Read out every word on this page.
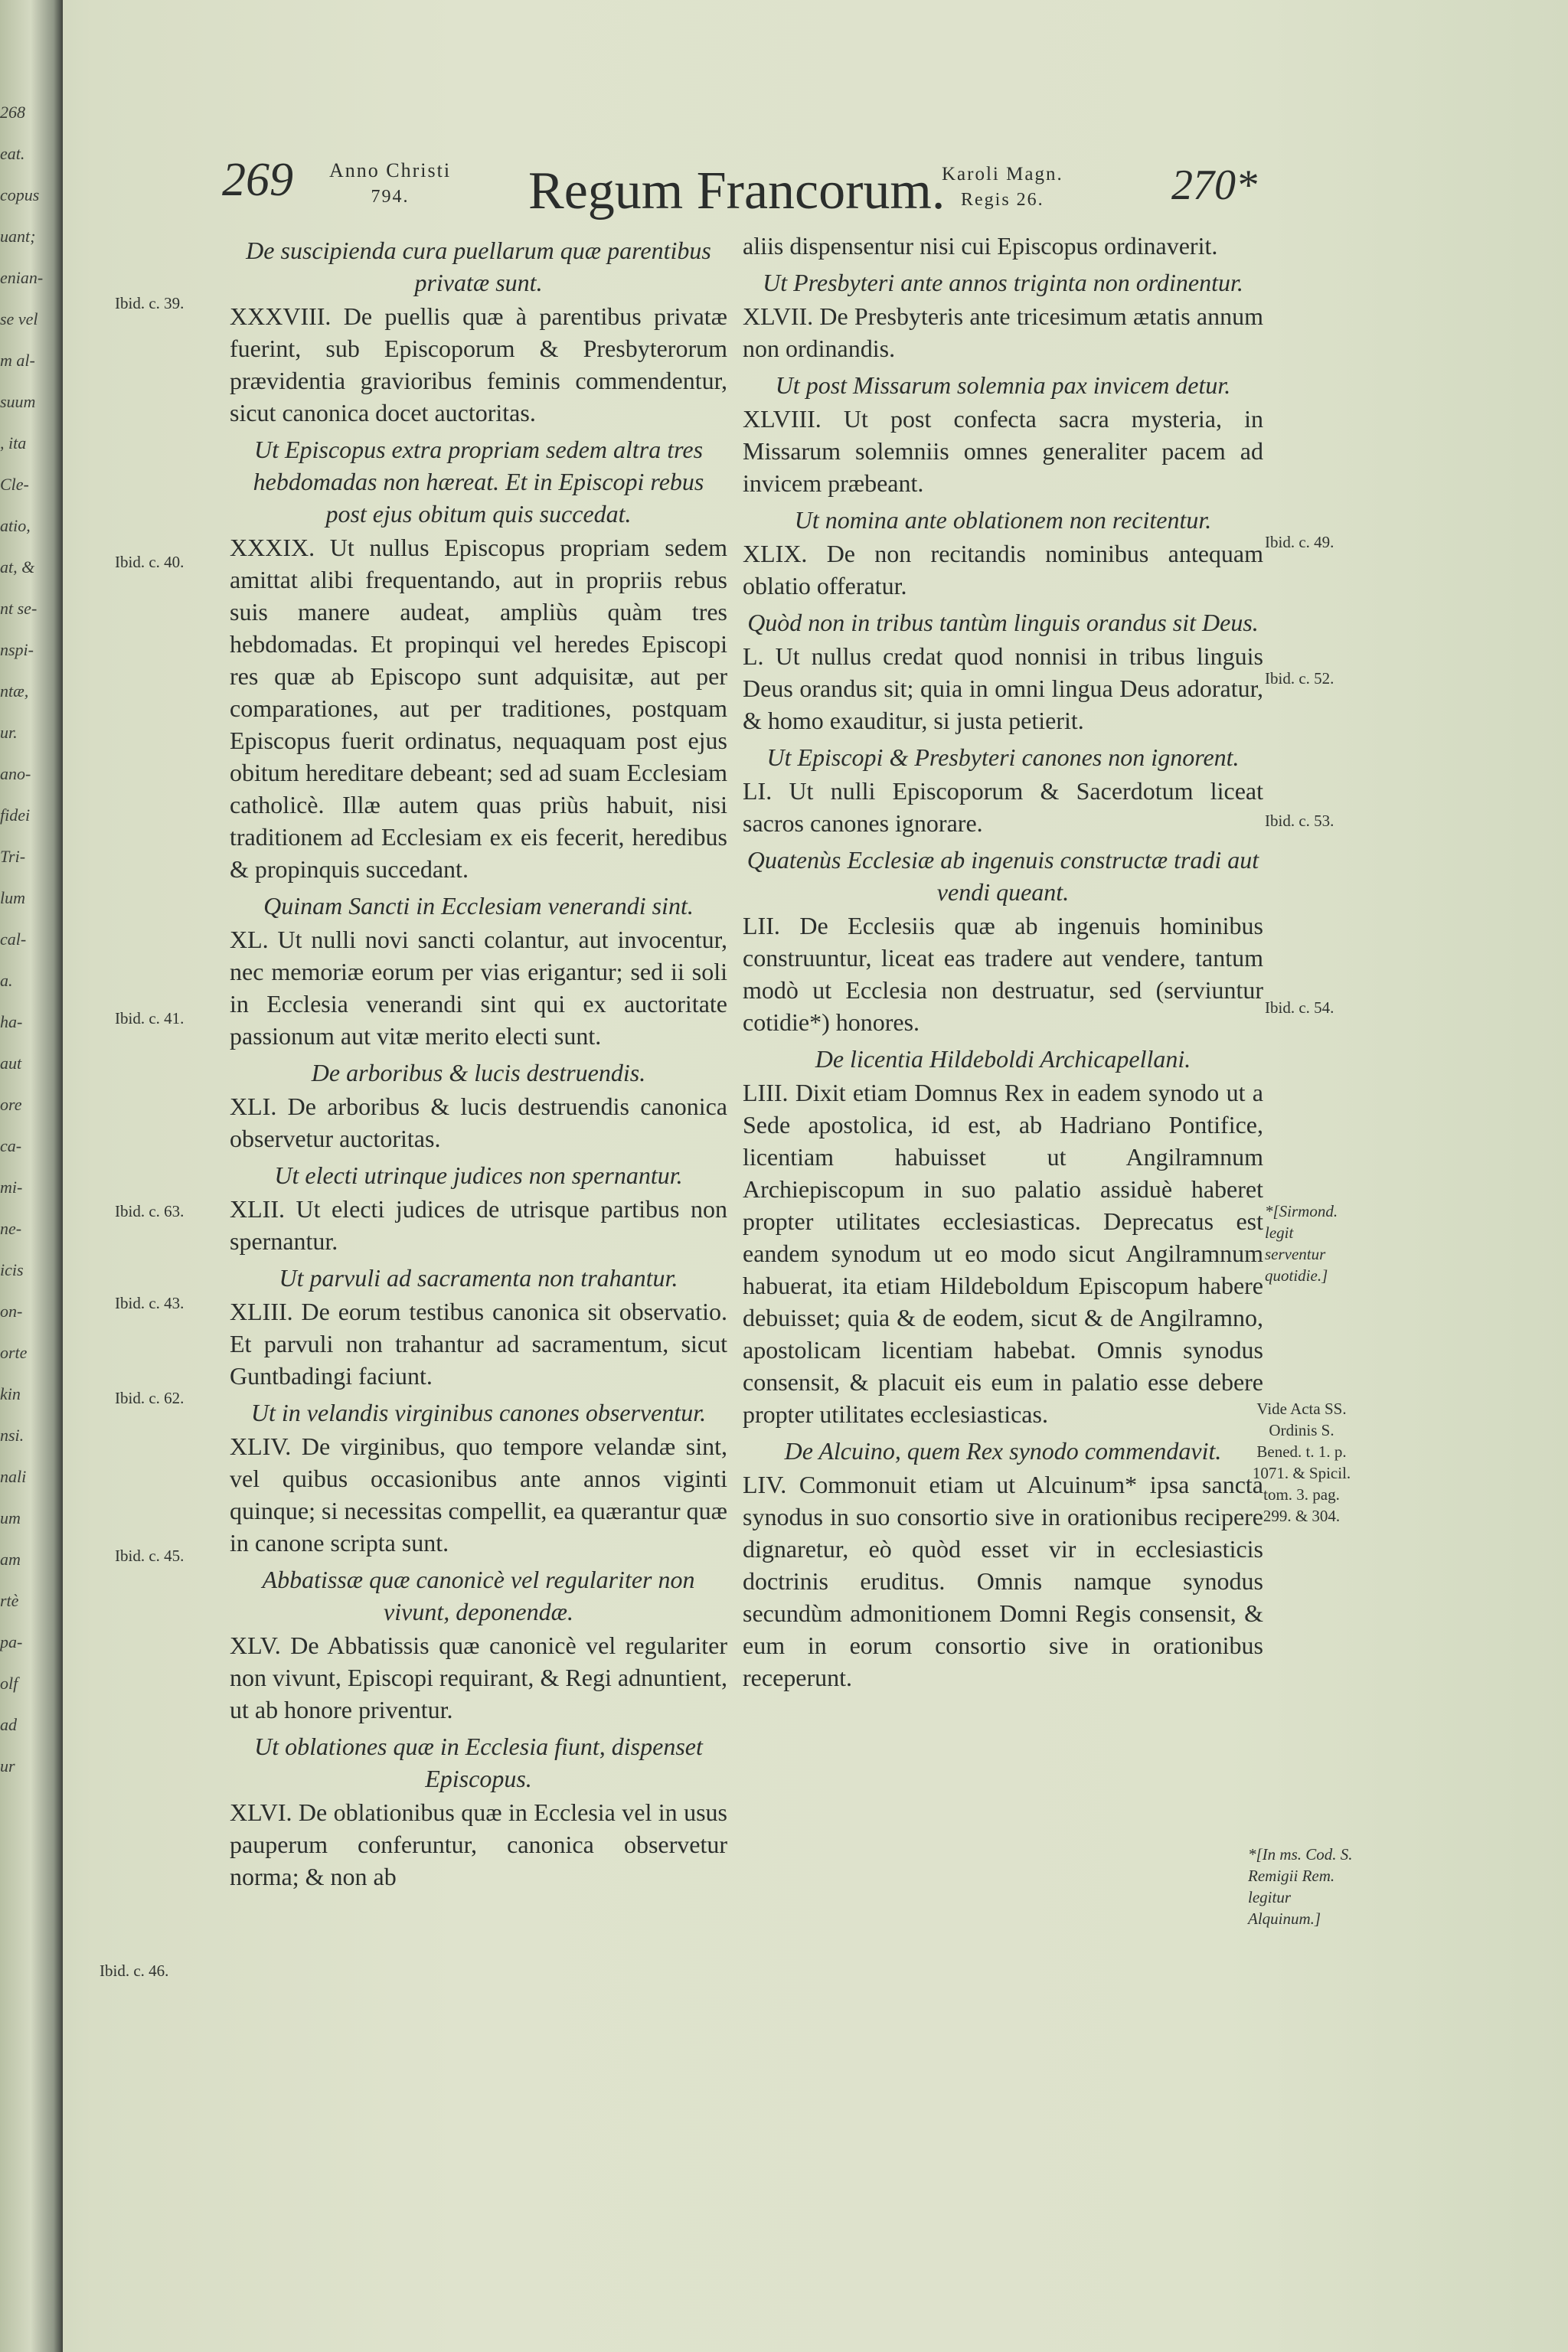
268
eat.
copus
uant;
enian-
se vel
m al-
suum
, ita
Cle-
atio,
at, &
nt se-
nspi-
ntæ,
ur.
ano-
fidei
Tri-
lum
cal-
a.
ha-
aut
ore
ca-
mi-
ne-
icis
on-
orte
kin
nsi.
nali
um
am
rtè
pa-
olf
ad
ur
269 Anno Christi
794.	Regum Francorum.
Karoli Magn.
Regis 26.	270*

De suscipienda cura puellarum quæ parentibus privatæ sunt.

XXXVIII. De puellis quæ à parentibus privatæ fuerint, sub Episcoporum & Presbyterorum prævidentia gravioribus feminis commendentur, sicut canonica docet auctoritas.

Ut Episcopus extra propriam sedem altra tres hebdomadas non hæreat. Et in Episcopi rebus post ejus obitum quis succedat.

XXXIX. Ut nullus Episcopus propriam sedem amittat alibi frequentando, aut in propriis rebus suis manere audeat, ampliùs quàm tres hebdomadas. Et propinqui vel heredes Episcopi res quæ ab Episcopo sunt adquisitæ, aut per comparationes, aut per traditiones, postquam Episcopus fuerit ordinatus, nequaquam post ejus obitum hereditare debeant; sed ad suam Ecclesiam catholicè. Illæ autem quas priùs habuit, nisi traditionem ad Ecclesiam ex eis fecerit, heredibus & propinquis succedant.

Quinam Sancti in Ecclesiam venerandi sint.

XL. Ut nulli novi sancti colantur, aut invocentur, nec memoriæ eorum per vias erigantur; sed ii soli in Ecclesia venerandi sint qui ex auctoritate passionum aut vitæ merito electi sunt.

De arboribus & lucis destruendis.

XLI. De arboribus & lucis destruendis canonica observetur auctoritas.

Ut electi utrinque judices non spernantur.

XLII. Ut electi judices de utrisque partibus non spernantur.

Ut parvuli ad sacramenta non trahantur.

XLIII. De eorum testibus canonica sit observatio. Et parvuli non trahantur ad sacramentum, sicut Guntbadingi faciunt.

Ut in velandis virginibus canones observentur.

XLIV. De virginibus, quo tempore velandæ sint, vel quibus occasionibus ante annos viginti quinque; si necessitas compellit, ea quærantur quæ in canone scripta sunt.

Abbatissæ quæ canonicè vel regulariter non vivunt, deponendæ.

XLV. De Abbatissis quæ canonicè vel regulariter non vivunt, Episcopi requirant, & Regi adnuntient, ut ab honore priventur.

Ut oblationes quæ in Ecclesia fiunt, dispenset Episcopus.

XLVI. De oblationibus quæ in Ecclesia vel in usus pauperum conferuntur, canonica observetur norma; & non ab

aliis dispensentur nisi cui Episcopus ordinaverit.

Ut Presbyteri ante annos triginta non ordinentur.

XLVII. De Presbyteris ante tricesimum ætatis annum non ordinandis.

Ut post Missarum solemnia pax invicem detur.

XLVIII. Ut post confecta sacra mysteria, in Missarum solemniis omnes generaliter pacem ad invicem præbeant.

Ut nomina ante oblationem non recitentur.

XLIX. De non recitandis nominibus antequam oblatio offeratur.

Quòd non in tribus tantùm linguis orandus sit Deus.

L. Ut nullus credat quod nonnisi in tribus linguis Deus orandus sit; quia in omni lingua Deus adoratur, & homo exauditur, si justa petierit.

Ut Episcopi & Presbyteri canones non ignorent.

LI. Ut nulli Episcoporum & Sacerdotum liceat sacros canones ignorare.

Quatenùs Ecclesiæ ab ingenuis constructæ tradi aut vendi queant.

LII. De Ecclesiis quæ ab ingenuis hominibus construuntur, liceat eas tradere aut vendere, tantum modò ut Ecclesia non destruatur, sed (serviuntur cotidie*) honores.

De licentia Hildeboldi Archicapellani.

LIII. Dixit etiam Domnus Rex in eadem synodo ut a Sede apostolica, id est, ab Hadriano Pontifice, licentiam habuisset ut Angilramnum Archiepiscopum in suo palatio assiduè haberet propter utilitates ecclesiasticas. Deprecatus est eandem synodum ut eo modo sicut Angilramnum habuerat, ita etiam Hildeboldum Episcopum habere debuisset; quia & de eodem, sicut & de Angilramno, apostolicam licentiam habebat. Omnis synodus consensit, & placuit eis eum in palatio esse debere propter utilitates ecclesiasticas.

De Alcuino, quem Rex synodo commendavit.

LIV. Commonuit etiam ut Alcuinum* ipsa sancta synodus in suo consortio sive in orationibus recipere dignaretur, eò quòd esset vir in ecclesiasticis doctrinis eruditus. Omnis namque synodus secundùm admonitionem Domni Regis consensit, & eum in eorum consortio sive in orationibus receperunt.

Ibid. c. 39.
Ibid. c. 40.
Ibid. c. 41.
Ibid. c. 63.
Ibid. c. 43.
Ibid. c. 62.
Ibid. c. 45.
Ibid. c. 46.
Ibid. c. 49.
Ibid. c. 52.
Ibid. c. 53.
Ibid. c. 54.
*[Sirmond. legit serventur quotidie.]
Vide Acta SS. Ordinis S. Bened. t. 1. p. 1071. & Spicil. tom. 3. pag. 299. & 304.
*[In ms. Cod. S. Remigii Rem. legitur Alquinum.]
